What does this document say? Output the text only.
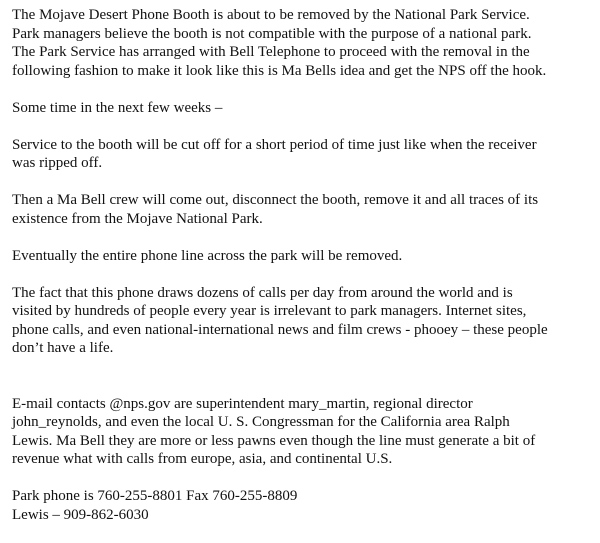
The Mojave Desert Phone Booth is about to be removed by the National Park Service.
Park managers believe the booth is not compatible with the purpose of a national park.
The Park Service has arranged with Bell Telephone to proceed with the removal in the
following fashion to make it look like this is Ma Bells idea and get the NPS off the hook.

Some time in the next few weeks –

Service to the booth will be cut off for a short period of time just like when the receiver
was ripped off.

Then a Ma Bell crew will come out, disconnect the booth, remove it and all traces of its
existence from the Mojave National Park.

Eventually the entire phone line across the park will be removed.

The fact that this phone draws dozens of calls per day from around the world and is
visited by hundreds of people every year is irrelevant to park managers. Internet sites,
phone calls, and even national-international news and film crews - phooey – these people
don’t have a life.

E-mail contacts @nps.gov are superintendent mary_martin, regional director
john_reynolds, and even the local U. S. Congressman for the California area Ralph
Lewis. Ma Bell they are more or less pawns even though the line must generate a bit of
revenue what with calls from europe, asia, and continental U.S.

Park phone is 760-255-8801 Fax 760-255-8809
Lewis – 909-862-6030
